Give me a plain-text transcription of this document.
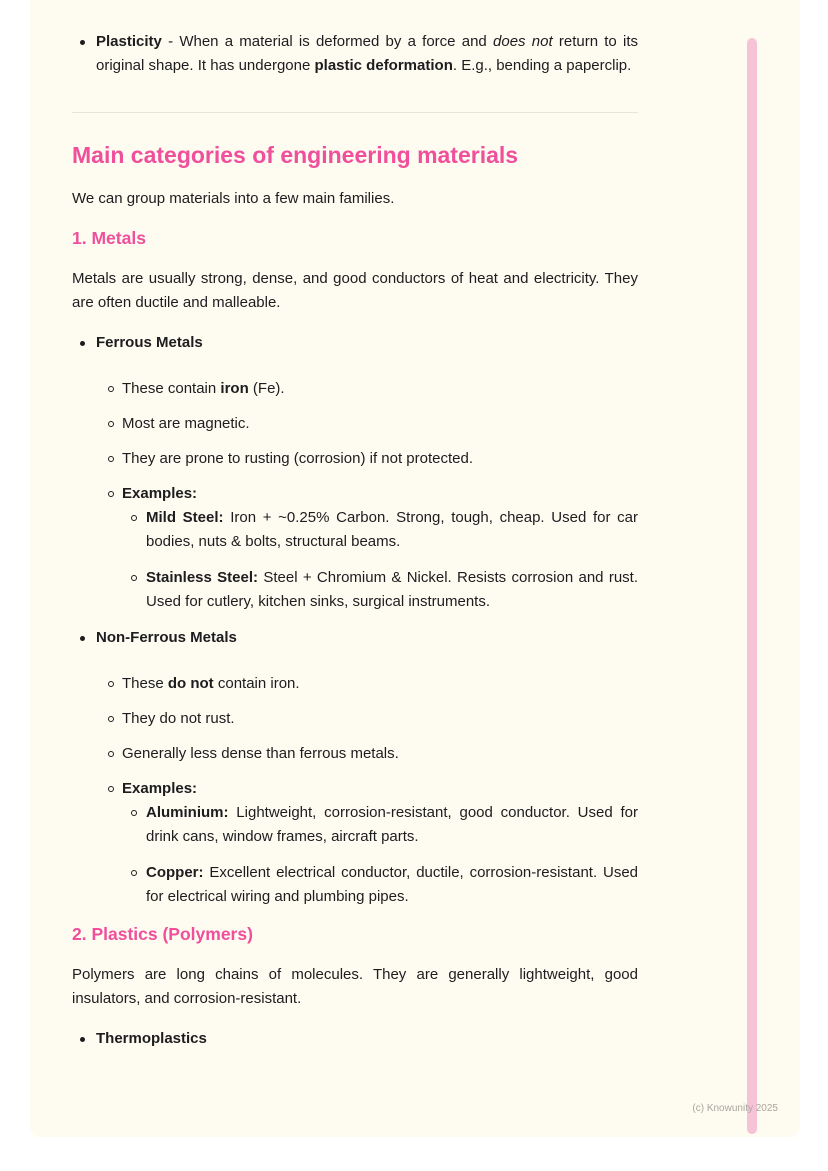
Plasticity - When a material is deformed by a force and does not return to its original shape. It has undergone plastic deformation. E.g., bending a paperclip.
Main categories of engineering materials

We can group materials into a few main families.

1. Metals

Metals are usually strong, dense, and good conductors of heat and electricity. They are often ductile and malleable.

Ferrous Metals
These contain iron (Fe).
Most are magnetic.
They are prone to rusting (corrosion) if not protected.
Examples:
Mild Steel: Iron + ~0.25% Carbon. Strong, tough, cheap. Used for car bodies, nuts & bolts, structural beams.
Stainless Steel: Steel + Chromium & Nickel. Resists corrosion and rust. Used for cutlery, kitchen sinks, surgical instruments.
Non-Ferrous Metals
These do not contain iron.
They do not rust.
Generally less dense than ferrous metals.
Examples:
Aluminium: Lightweight, corrosion-resistant, good conductor. Used for drink cans, window frames, aircraft parts.
Copper: Excellent electrical conductor, ductile, corrosion-resistant. Used for electrical wiring and plumbing pipes.
2. Plastics (Polymers)

Polymers are long chains of molecules. They are generally lightweight, good insulators, and corrosion-resistant.

Thermoplastics
(c) Knowunity 2025
